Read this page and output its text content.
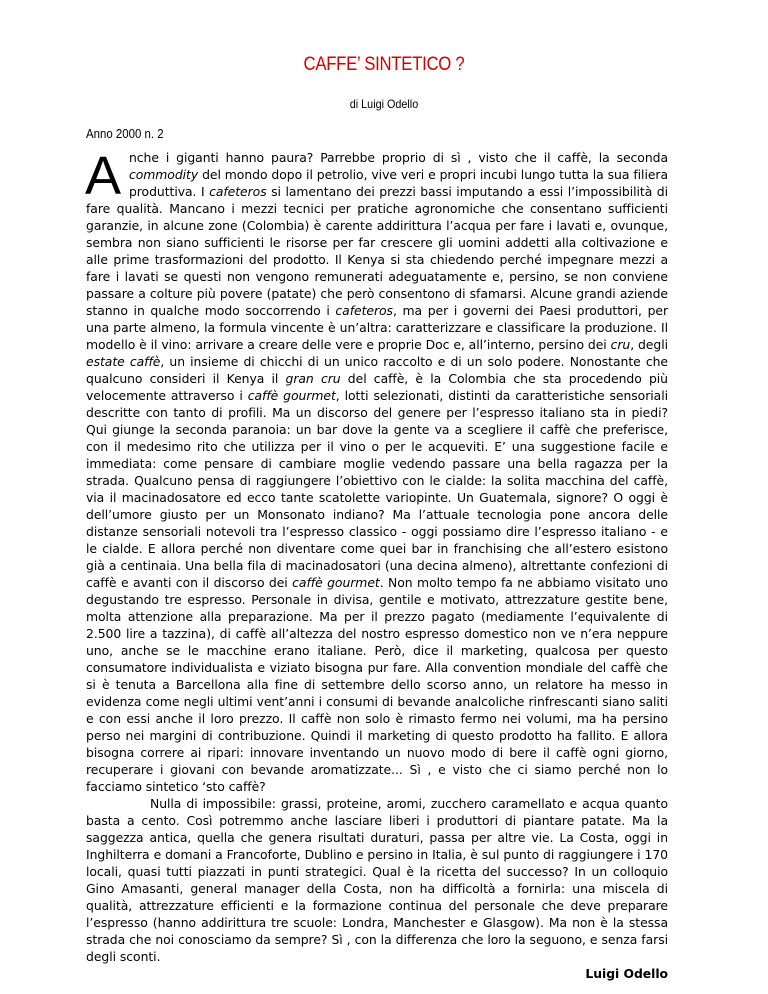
CAFFE’ SINTETICO ?
di Luigi Odello
Anno 2000 n. 2

Anche i giganti hanno paura? Parrebbe proprio di sì , visto che il caffè, la seconda commodity del mondo dopo il petrolio, vive veri e propri incubi lungo tutta la sua filiera produttiva. I cafeteros si lamentano dei prezzi bassi imputando a essi l’impossibilità di fare qualità. Mancano i mezzi tecnici per pratiche agronomiche che consentano sufficienti garanzie, in alcune zone (Colombia) è carente addirittura l’acqua per fare i lavati e, ovunque, sembra non siano sufficienti le risorse per far crescere gli uomini addetti alla coltivazione e alle prime trasformazioni del prodotto. Il Kenya si sta chiedendo perché impegnare mezzi a fare i lavati se questi non vengono remunerati adeguatamente e, persino, se non conviene passare a colture più povere (patate) che però consentono di sfamarsi. Alcune grandi aziende stanno in qualche modo soccorrendo i cafeteros, ma per i governi dei Paesi produttori, per una parte almeno, la formula vincente è un’altra: caratterizzare e classificare la produzione. Il modello è il vino: arrivare a creare delle vere e proprie Doc e, all’interno, persino dei cru, degli estate caffè, un insieme di chicchi di un unico raccolto e di un solo podere. Nonostante che qualcuno consideri il Kenya il gran cru del caffè, è la Colombia che sta procedendo più velocemente attraverso i caffè gourmet, lotti selezionati, distinti da caratteristiche sensoriali descritte con tanto di profili. Ma un discorso del genere per l’espresso italiano sta in piedi? Qui giunge la seconda paranoia: un bar dove la gente va a scegliere il caffè che preferisce, con il medesimo rito che utilizza per il vino o per le acqueviti. E’ una suggestione facile e immediata: come pensare di cambiare moglie vedendo passare una bella ragazza per la strada. Qualcuno pensa di raggiungere l’obiettivo con le cialde: la solita macchina del caffè, via il macinadosatore ed ecco tante scatolette variopinte. Un Guatemala, signore? O oggi è dell’umore giusto per un Monsonato indiano? Ma l’attuale tecnologia pone ancora delle distanze sensoriali notevoli tra l’espresso classico - oggi possiamo dire l’espresso italiano - e le cialde. E allora perché non diventare come quei bar in franchising che all’estero esistono già a centinaia. Una bella fila di macinadosatori (una decina almeno), altrettante confezioni di caffè e avanti con il discorso dei caffè gourmet. Non molto tempo fa ne abbiamo visitato uno degustando tre espresso. Personale in divisa, gentile e motivato, attrezzature gestite bene, molta attenzione alla preparazione. Ma per il prezzo pagato (mediamente l’equivalente di 2.500 lire a tazzina), di caffè all’altezza del nostro espresso domestico non ve n’era neppure uno, anche se le macchine erano italiane. Però, dice il marketing, qualcosa per questo consumatore individualista e viziato bisogna pur fare. Alla convention mondiale del caffè che si è tenuta a Barcellona alla fine di settembre dello scorso anno, un relatore ha messo in evidenza come negli ultimi vent’anni i consumi di bevande analcoliche rinfrescanti siano saliti e con essi anche il loro prezzo. Il caffè non solo è rimasto fermo nei volumi, ma ha persino perso nei margini di contribuzione. Quindi il marketing di questo prodotto ha fallito. E allora bisogna correre ai ripari: innovare inventando un nuovo modo di bere il caffè ogni giorno, recuperare i giovani con bevande aromatizzate... Sì , e visto che ci siamo perché non lo facciamo sintetico ‘sto caffè?

Nulla di impossibile: grassi, proteine, aromi, zucchero caramellato e acqua quanto basta a cento. Così potremmo anche lasciare liberi i produttori di piantare patate. Ma la saggezza antica, quella che genera risultati duraturi, passa per altre vie. La Costa, oggi in Inghilterra e domani a Francoforte, Dublino e persino in Italia, è sul punto di raggiungere i 170 locali, quasi tutti piazzati in punti strategici. Qual è la ricetta del successo? In un colloquio Gino Amasanti, general manager della Costa, non ha difficoltà a fornirla: una miscela di qualità, attrezzature efficienti e la formazione continua del personale che deve preparare l’espresso (hanno addirittura tre scuole: Londra, Manchester e Glasgow). Ma non è la stessa strada che noi conosciamo da sempre? Sì , con la differenza che loro la seguono, e senza farsi degli sconti.

Luigi Odello
